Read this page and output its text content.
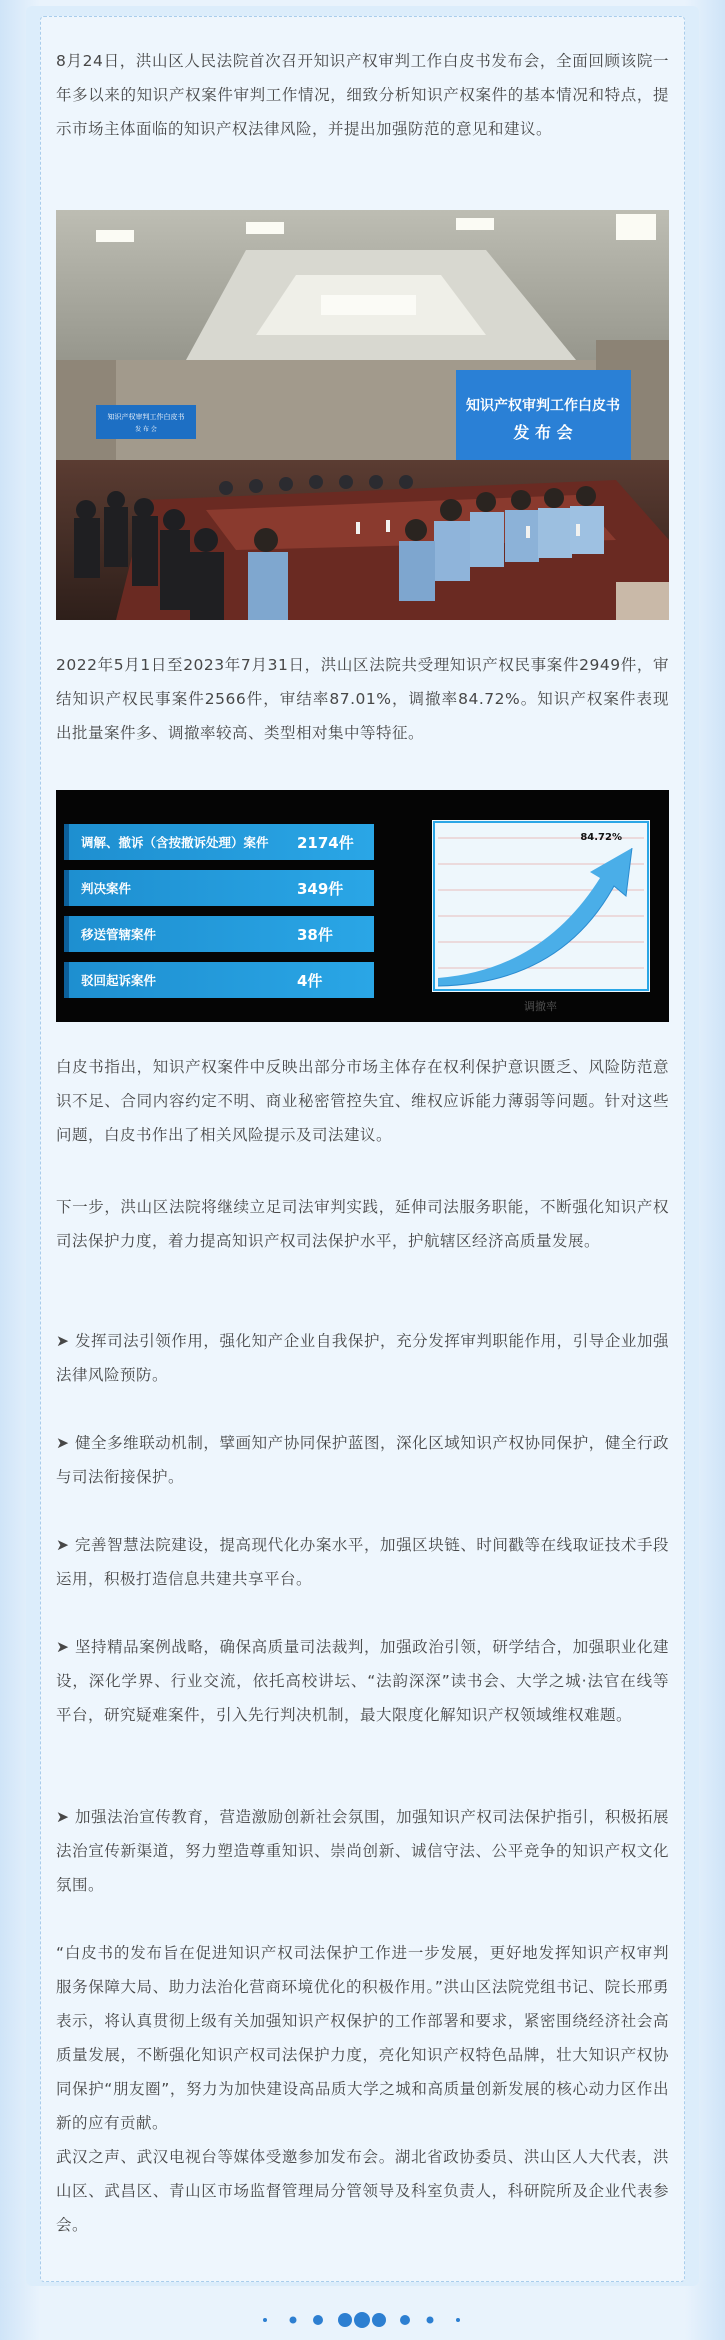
8月24日，洪山区人民法院首次召开知识产权审判工作白皮书发布会，全面回顾该院一年多以来的知识产权案件审判工作情况，细致分析知识产权案件的基本情况和特点，提示市场主体面临的知识产权法律风险，并提出加强防范的意见和建议。

知识产权审判工作白皮书
发 布 会
知识产权审判工作白皮书
发 布 会

2022年5月1日至2023年7月31日，洪山区法院共受理知识产权民事案件2949件，审结知识产权民事案件2566件，审结率87.01%，调撤率84.72%。知识产权案件表现出批量案件多、调撤率较高、类型相对集中等特征。

调解、撤诉（含按撤诉处理）案件	2174件
判决案件	349件
移送管辖案件	38件
驳回起诉案件	4件
84.72%
调撤率

白皮书指出，知识产权案件中反映出部分市场主体存在权利保护意识匮乏、风险防范意识不足、合同内容约定不明、商业秘密管控失宜、维权应诉能力薄弱等问题。针对这些问题，白皮书作出了相关风险提示及司法建议。

下一步，洪山区法院将继续立足司法审判实践，延伸司法服务职能，不断强化知识产权司法保护力度，着力提高知识产权司法保护水平，护航辖区经济高质量发展。

➤ 发挥司法引领作用，强化知产企业自我保护，充分发挥审判职能作用，引导企业加强法律风险预防。

➤ 健全多维联动机制，擘画知产协同保护蓝图，深化区域知识产权协同保护，健全行政与司法衔接保护。

➤ 完善智慧法院建设，提高现代化办案水平，加强区块链、时间戳等在线取证技术手段运用，积极打造信息共建共享平台。

➤ 坚持精品案例战略，确保高质量司法裁判，加强政治引领，研学结合，加强职业化建设，深化学界、行业交流，依托高校讲坛、“法韵深深”读书会、大学之城·法官在线等平台，研究疑难案件，引入先行判决机制，最大限度化解知识产权领域维权难题。

➤ 加强法治宣传教育，营造激励创新社会氛围，加强知识产权司法保护指引，积极拓展法治宣传新渠道，努力塑造尊重知识、崇尚创新、诚信守法、公平竞争的知识产权文化氛围。

“白皮书的发布旨在促进知识产权司法保护工作进一步发展，更好地发挥知识产权审判服务保障大局、助力法治化营商环境优化的积极作用。”洪山区法院党组书记、院长邢勇表示，将认真贯彻上级有关加强知识产权保护的工作部署和要求，紧密围绕经济社会高质量发展，不断强化知识产权司法保护力度，亮化知识产权特色品牌，壮大知识产权协同保护“朋友圈”，努力为加快建设高品质大学之城和高质量创新发展的核心动力区作出新的应有贡献。

武汉之声、武汉电视台等媒体受邀参加发布会。湖北省政协委员、洪山区人大代表，洪山区、武昌区、青山区市场监督管理局分管领导及科室负责人，科研院所及企业代表参会。
